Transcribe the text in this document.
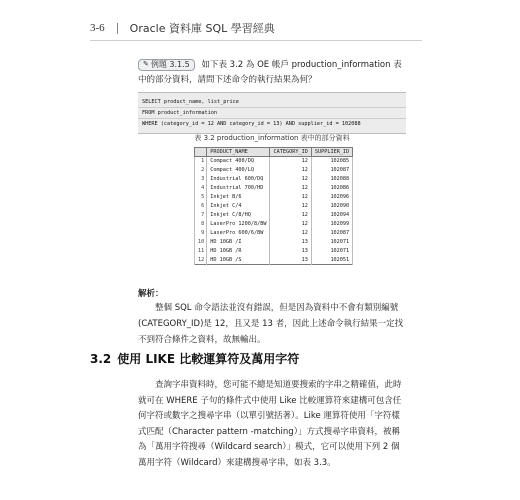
3-6 Oracle 資料庫 SQL 學習經典
✎ 例題 3.1.5 如下表 3.2 為 OE 帳戶 production_information 表中的部分資料，請問下述命令的執行結果為何？
SELECT product_name, list_price
FROM product_information
WHERE (category_id = 12 AND category_id = 13) AND supplier_id = 102088
表 3.2 production_information 表中的部分資料
	PRODUCT_NAME	CATEGORY_ID	SUPPLIER_ID
1	Compact 400/DQ	12	102085
2	Compact 400/LQ	12	102087
3	Industrial 600/DQ	12	102088
4	Industrial 700/HD	12	102086
5	Inkjet B/6	12	102096
6	Inkjet C/4	12	102090
7	Inkjet C/8/HQ	12	102094
8	LaserPro 1200/8/BW	12	102099
9	LaserPro 600/6/BW	12	102087
10	HD 10GB /I	13	102071
11	HD 10GB /R	13	102071
12	HD 10GB /S	13	102051
解析：
整個 SQL 命令語法並沒有錯誤，但是因為資料中不會有類別編號 (CATEGORY_ID)是 12，且又是 13 者，因此上述命令執行結果一定找不到符合條件之資料，故無輸出。
3.2 使用 LIKE 比較運算符及萬用字符
查詢字串資料時，您可能不總是知道要搜索的字串之精確值，此時就可在 WHERE 子句的條件式中使用 Like 比較運算符來建構可包含任何字符或數字之搜尋字串（以單引號括著）。Like 運算符使用「字符樣式匹配（Character pattern -matching）」方式搜尋字串資料，被稱為「萬用字符搜尋（Wildcard search）」模式，它可以使用下列 2 個萬用字符（Wildcard）來建構搜尋字串，如表 3.3。
